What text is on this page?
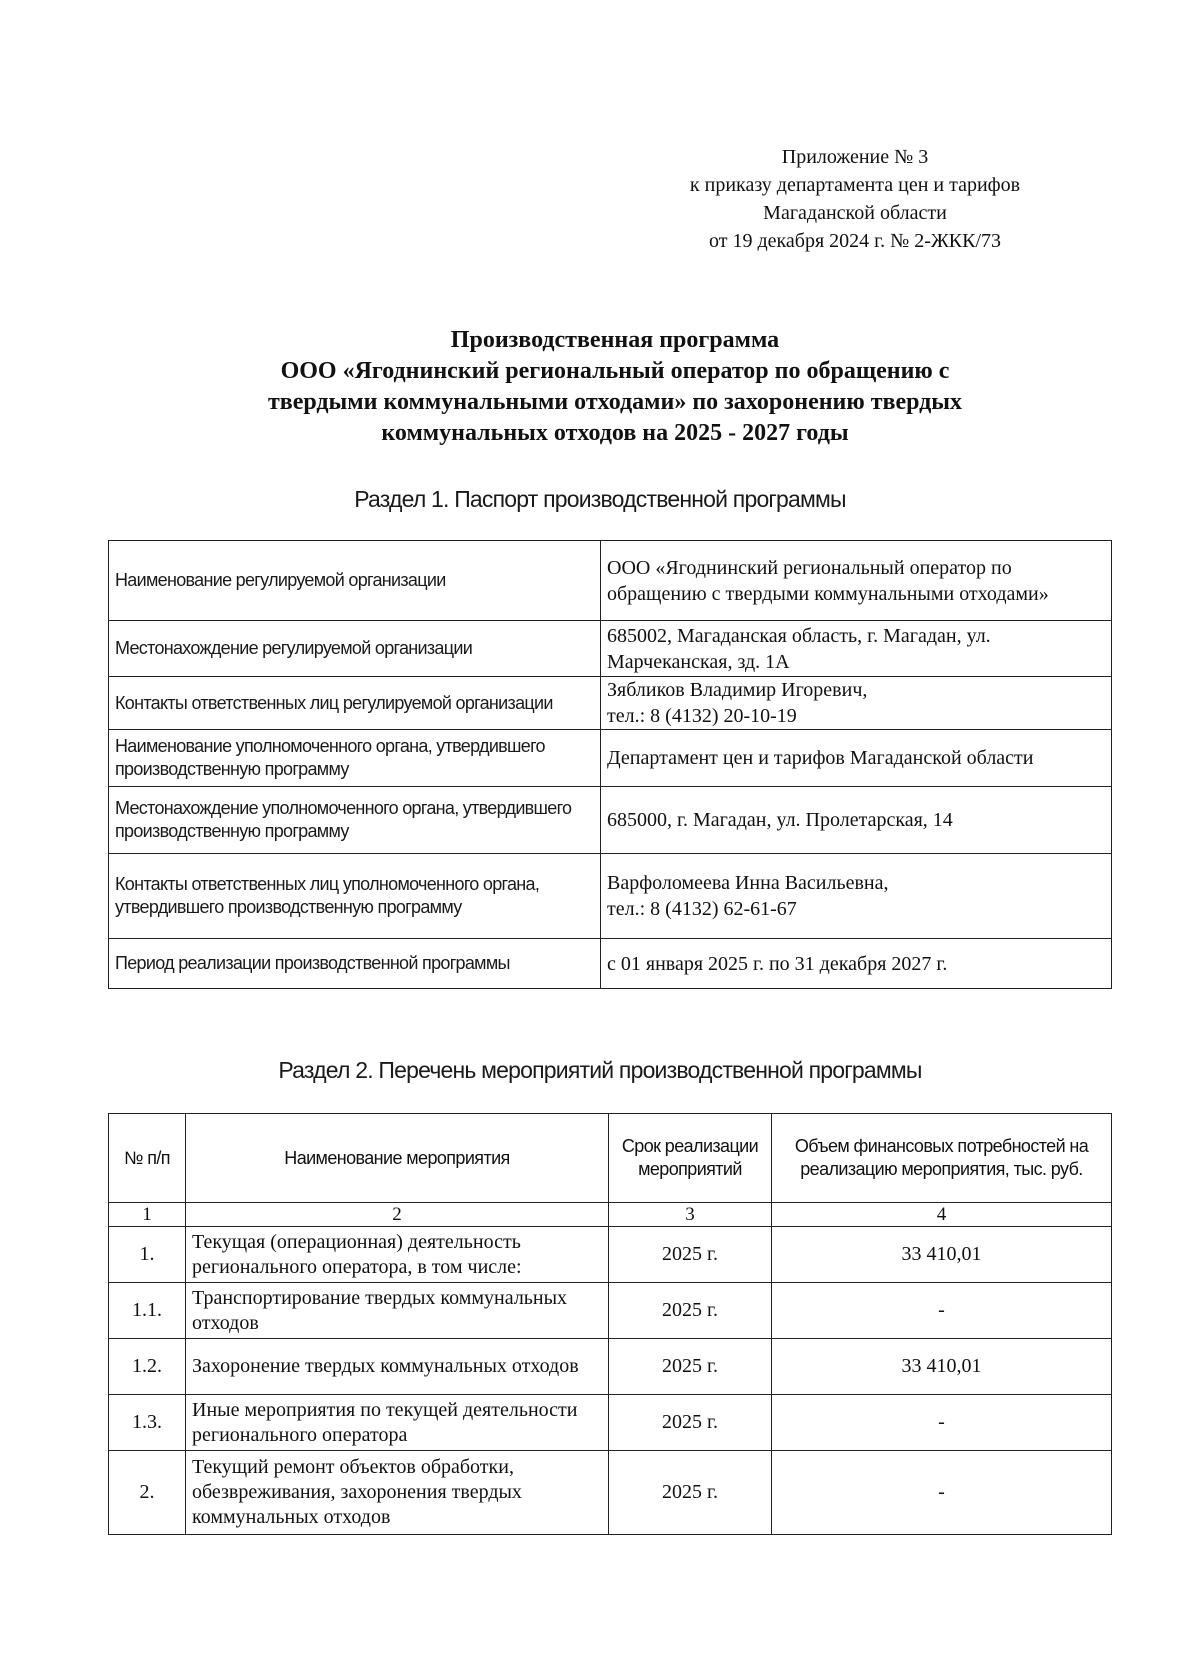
Приложение № 3
к приказу департамента цен и тарифов
Магаданской области
от 19 декабря 2024 г. № 2-ЖКК/73
Производственная программа
ООО «Ягоднинский региональный оператор по обращению с
твердыми коммунальными отходами» по захоронению твердых
коммунальных отходов на 2025 - 2027 годы
Раздел 1. Паспорт производственной программы
Наименование регулируемой организации	ООО «Ягоднинский региональный оператор по обращению с твердыми коммунальными отходами»
Местонахождение регулируемой организации	685002, Магаданская область, г. Магадан, ул. Марчеканская, зд. 1А
Контакты ответственных лиц регулируемой организации	Зябликов Владимир Игоревич,
тел.: 8 (4132) 20-10-19

Наименование уполномоченного органа, утвердившего производственную программу	Департамент цен и тарифов Магаданской области
Местонахождение уполномоченного органа, утвердившего производственную программу	685000, г. Магадан, ул. Пролетарская, 14
Контакты ответственных лиц уполномоченного органа, утвердившего производственную программу	Варфоломеева Инна Васильевна,
тел.: 8 (4132) 62-61-67

Период реализации производственной программы	с 01 января 2025 г. по 31 декабря 2027 г.
Раздел 2. Перечень мероприятий производственной программы
№ п/п	Наименование мероприятия	Срок реализации мероприятий	Объем финансовых потребностей на реализацию мероприятия, тыс. руб.
1	2	3	4
1.	Текущая (операционная) деятельность регионального оператора, в том числе:	2025 г.	33 410,01
1.1.	Транспортирование твердых коммунальных отходов	2025 г.	-
1.2.	Захоронение твердых коммунальных отходов	2025 г.	33 410,01
1.3.	Иные мероприятия по текущей деятельности регионального оператора	2025 г.	-
2.	Текущий ремонт объектов обработки, обезвреживания, захоронения твердых коммунальных отходов	2025 г.	-
